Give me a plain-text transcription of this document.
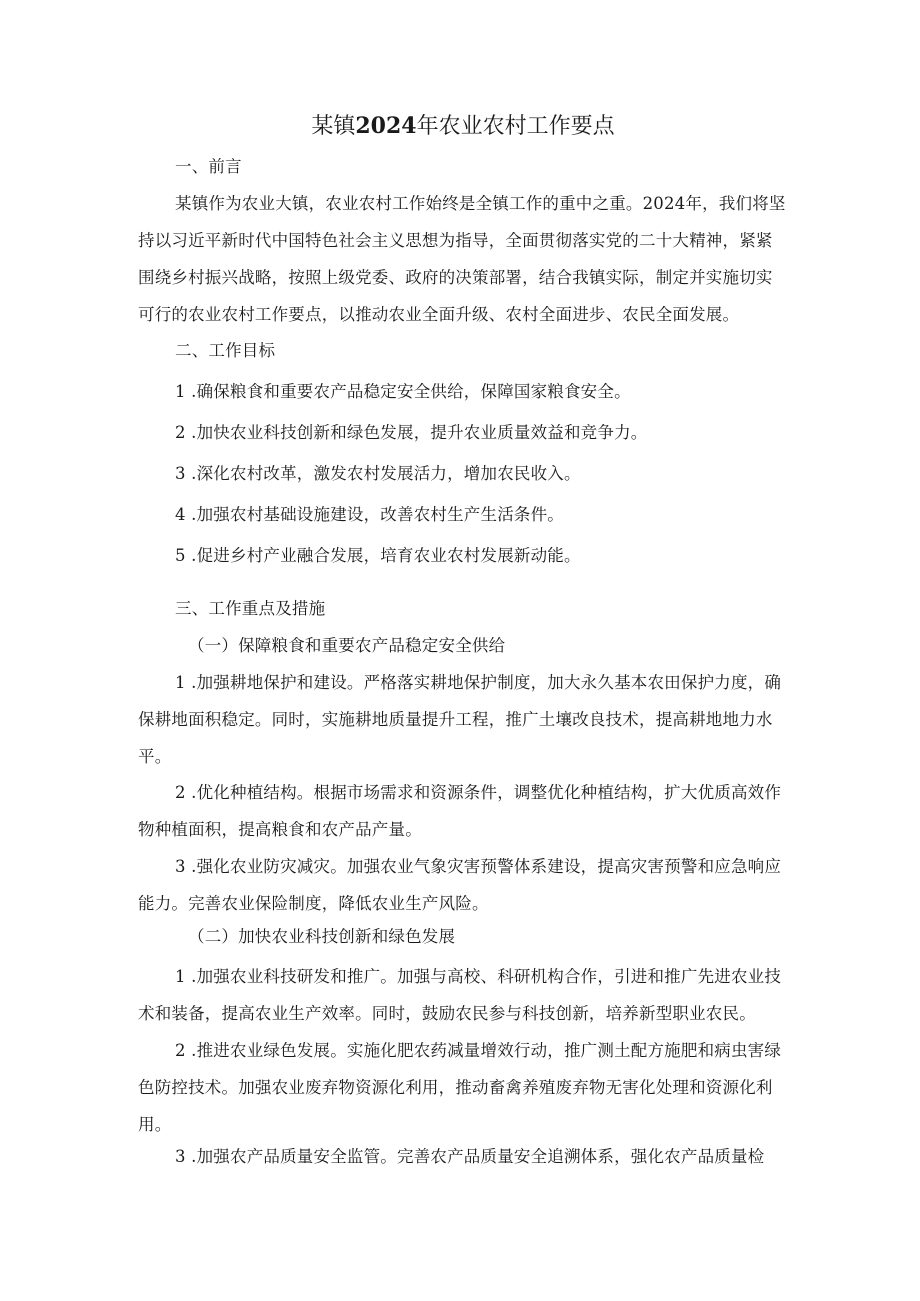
某镇2024年农业农村工作要点

一、前言

某镇作为农业大镇，农业农村工作始终是全镇工作的重中之重。2024年，我们将坚持以习近平新时代中国特色社会主义思想为指导，全面贯彻落实党的二十大精神，紧紧围绕乡村振兴战略，按照上级党委、政府的决策部署，结合我镇实际，制定并实施切实可行的农业农村工作要点，以推动农业全面升级、农村全面进步、农民全面发展。

二、工作目标

1 .确保粮食和重要农产品稳定安全供给，保障国家粮食安全。

2 .加快农业科技创新和绿色发展，提升农业质量效益和竞争力。

3 .深化农村改革，激发农村发展活力，增加农民收入。

4 .加强农村基础设施建设，改善农村生产生活条件。

5 .促进乡村产业融合发展，培育农业农村发展新动能。

三、工作重点及措施

（一）保障粮食和重要农产品稳定安全供给

1 .加强耕地保护和建设。严格落实耕地保护制度，加大永久基本农田保护力度，确保耕地面积稳定。同时，实施耕地质量提升工程，推广土壤改良技术，提高耕地地力水平。

2 .优化种植结构。根据市场需求和资源条件，调整优化种植结构，扩大优质高效作物种植面积，提高粮食和农产品产量。

3 .强化农业防灾减灾。加强农业气象灾害预警体系建设，提高灾害预警和应急响应能力。完善农业保险制度，降低农业生产风险。

（二）加快农业科技创新和绿色发展

1 .加强农业科技研发和推广。加强与高校、科研机构合作，引进和推广先进农业技术和装备，提高农业生产效率。同时，鼓励农民参与科技创新，培养新型职业农民。

2 .推进农业绿色发展。实施化肥农药减量增效行动，推广测土配方施肥和病虫害绿色防控技术。加强农业废弃物资源化利用，推动畜禽养殖废弃物无害化处理和资源化利用。

3 .加强农产品质量安全监管。完善农产品质量安全追溯体系，强化农产品质量检
